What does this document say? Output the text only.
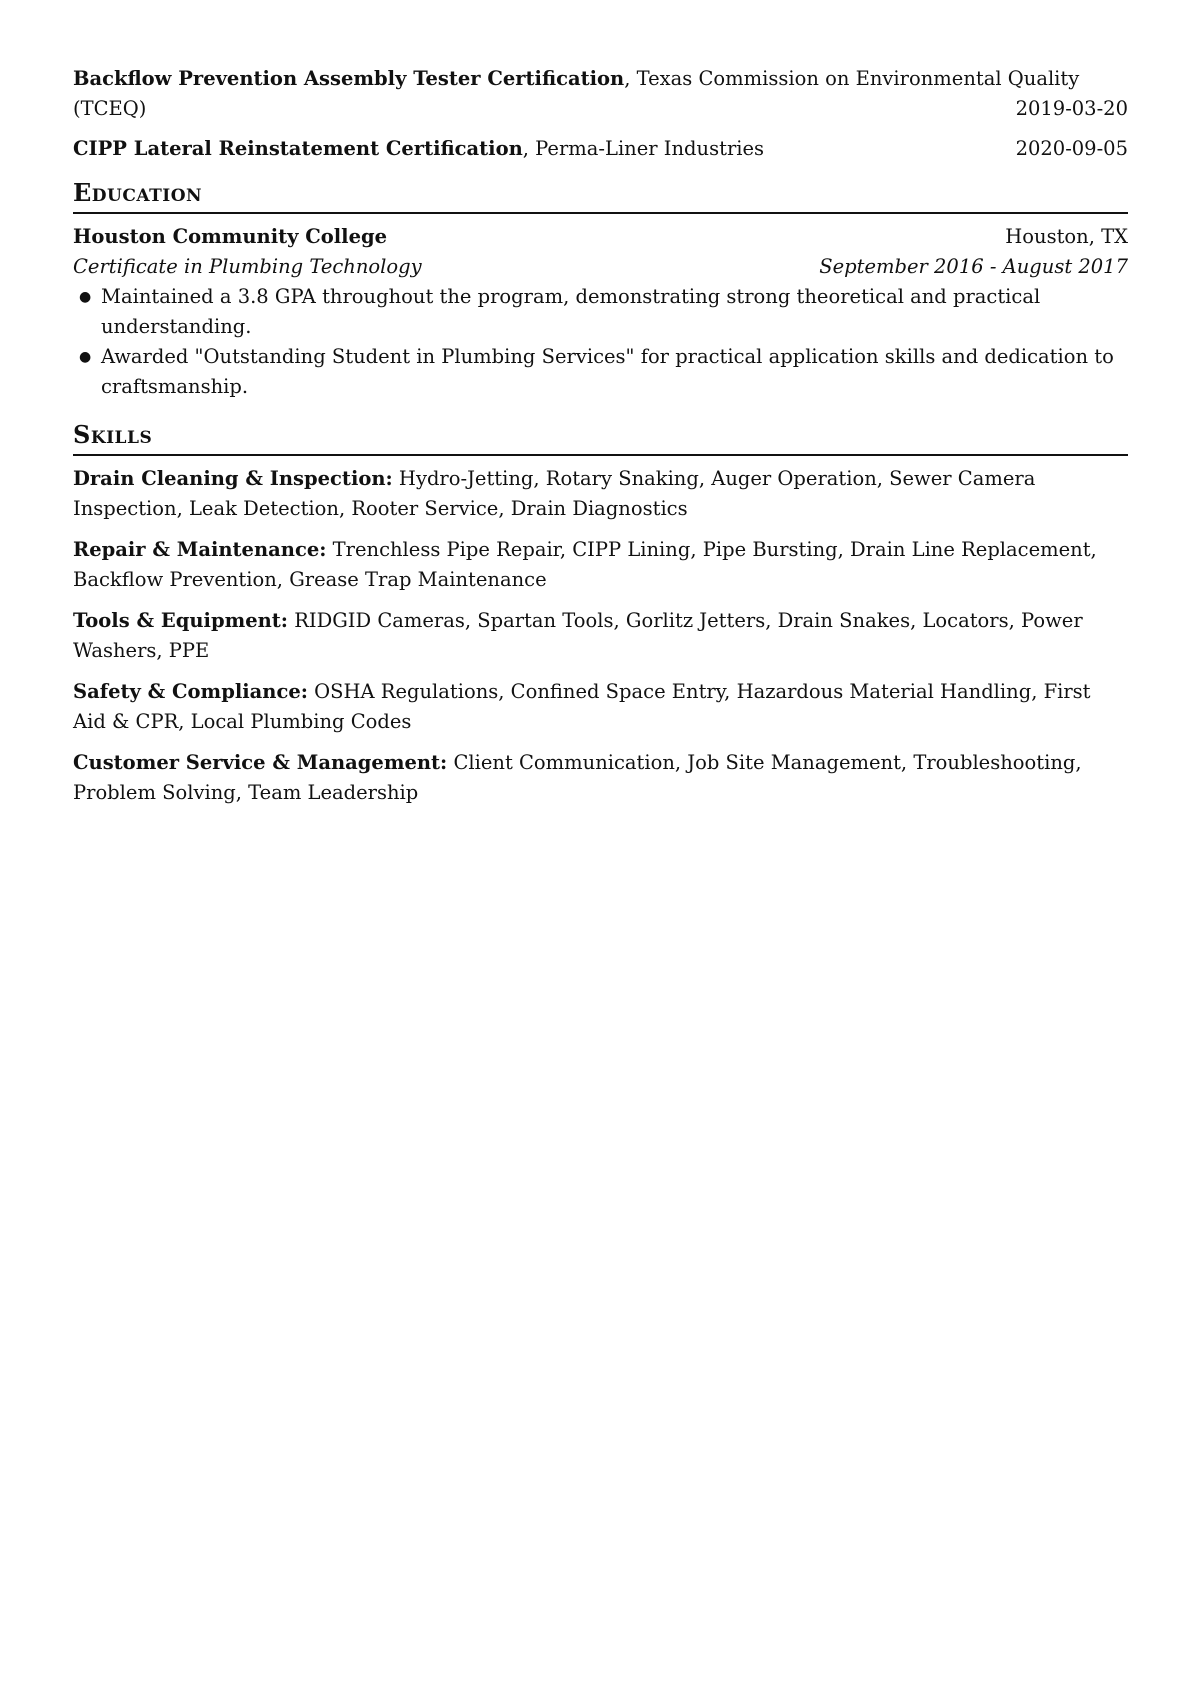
Backflow Prevention Assembly Tester Certification, Texas Commission on Environmental Quality
(TCEQ)	2019-03-20
CIPP Lateral Reinstatement Certification, Perma-Liner Industries	2020-09-05
Education
Houston Community College	Houston, TX
Certificate in Plumbing Technology	September 2016 - August 2017
● Maintained a 3.8 GPA throughout the program, demonstrating strong theoretical and practical understanding.
● Awarded "Outstanding Student in Plumbing Services" for practical application skills and dedication to craftsmanship.
Skills
Drain Cleaning & Inspection: Hydro-Jetting, Rotary Snaking, Auger Operation, Sewer Camera Inspection, Leak Detection, Rooter Service, Drain Diagnostics
Repair & Maintenance: Trenchless Pipe Repair, CIPP Lining, Pipe Bursting, Drain Line Replacement, Backflow Prevention, Grease Trap Maintenance
Tools & Equipment: RIDGID Cameras, Spartan Tools, Gorlitz Jetters, Drain Snakes, Locators, Power Washers, PPE
Safety & Compliance: OSHA Regulations, Confined Space Entry, Hazardous Material Handling, First Aid & CPR, Local Plumbing Codes
Customer Service & Management: Client Communication, Job Site Management, Troubleshooting, Problem Solving, Team Leadership
